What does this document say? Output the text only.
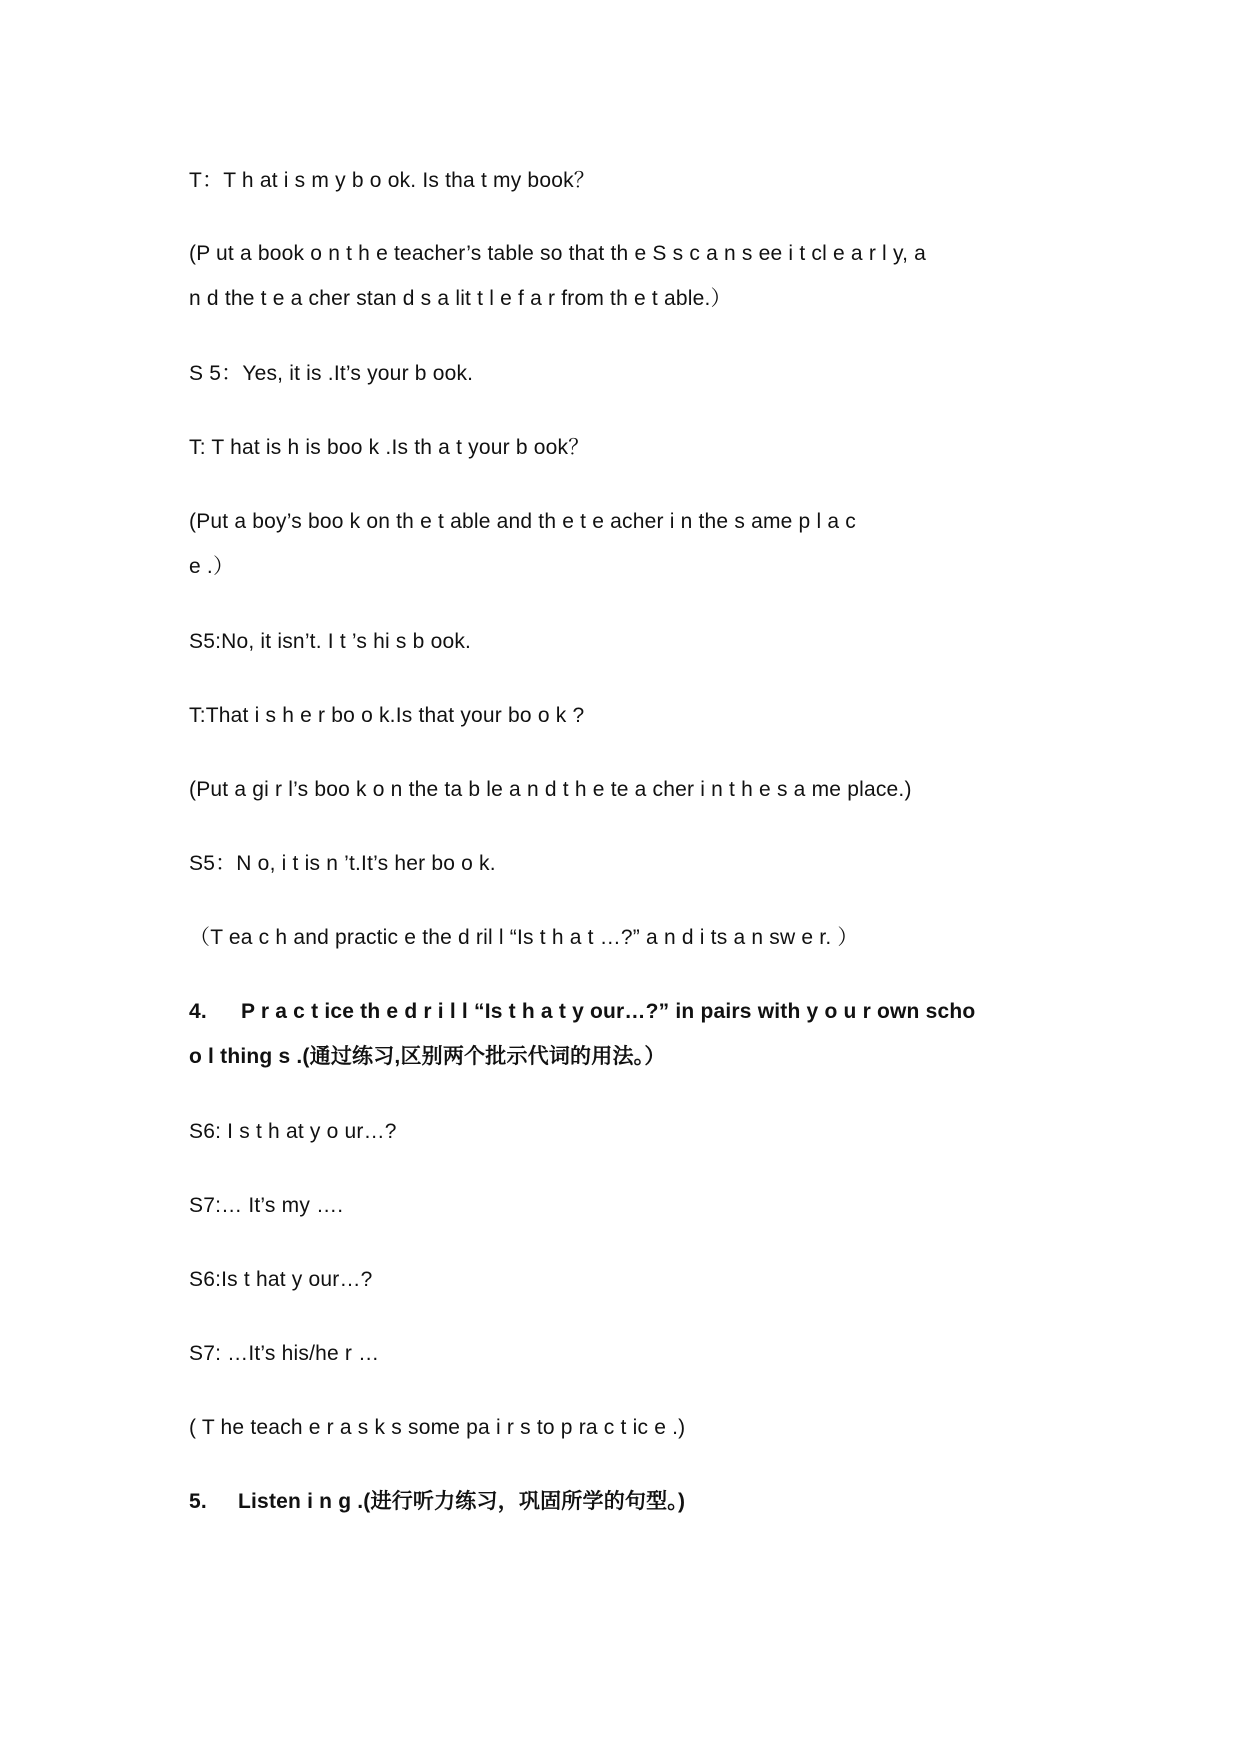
T：T h at i s m y b o ok. Is tha t my book？
(P ut a book o n t h e teacher’s table so that th e S s c a n s ee i t cl e a r l y, a
n d the t e a cher stan d s a lit t l e f a r from th e t able.）
S 5：Yes, it is .It’s your b ook.
T: T hat is h is boo k .Is th a t your b ook？
(Put a boy’s boo k on th e t able and th e t e acher i n the s ame p l a c
e .）
S5:No, it isn’t. I t ’s hi s b ook.
T:That i s h e r bo o k.Is that your bo o k ?
(Put a gi r l’s boo k o n the ta b le a n d t h e te a cher i n t h e s a me place.)
S5：N o, i t is n ’t.It’s her bo o k.
（T ea c h and practic e the d ril l “Is t h a t …?” a n d i ts a n sw e r. ）
4. P r a c t ice th e d r i l l “Is t h a t y our…?” in pairs with y o u r own scho
o l thing s .(通过练习,区别两个批示代词的用法。）
S6: I s t h at y o ur…?
S7:… It’s my ….
S6:Is t hat y our…?
S7: …It’s his/he r …
( T he teach e r a s k s some pa i r s to p ra c t ic e .)
5. Listen i n g .(进行听力练习，巩固所学的句型。)
